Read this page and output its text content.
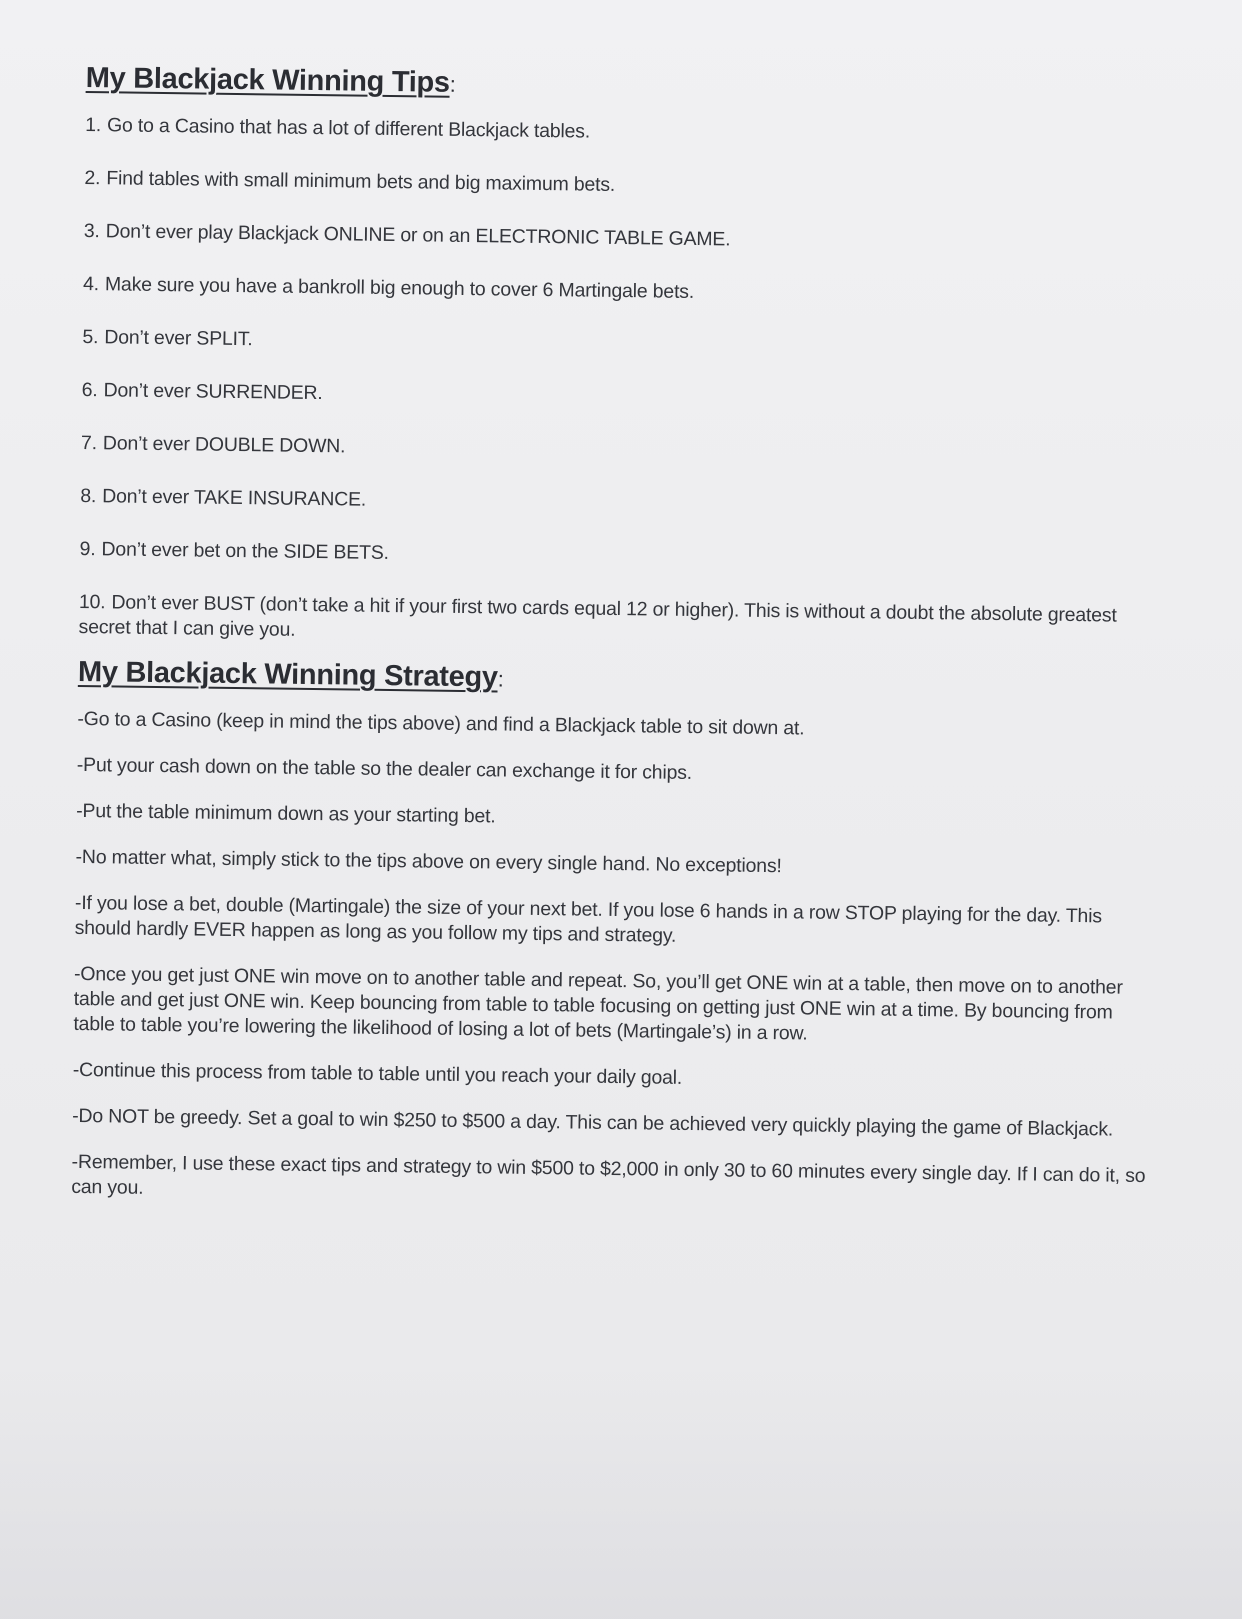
My Blackjack Winning Tips:
1. Go to a Casino that has a lot of different Blackjack tables.
2. Find tables with small minimum bets and big maximum bets.
3. Don’t ever play Blackjack ONLINE or on an ELECTRONIC TABLE GAME.
4. Make sure you have a bankroll big enough to cover 6 Martingale bets.
5. Don’t ever SPLIT.
6. Don’t ever SURRENDER.
7. Don’t ever DOUBLE DOWN.
8. Don’t ever TAKE INSURANCE.
9. Don’t ever bet on the SIDE BETS.
10. Don’t ever BUST (don’t take a hit if your first two cards equal 12 or higher). This is without a doubt the absolute greatest secret that I can give you.
My Blackjack Winning Strategy:
-Go to a Casino (keep in mind the tips above) and find a Blackjack table to sit down at.
-Put your cash down on the table so the dealer can exchange it for chips.
-Put the table minimum down as your starting bet.
-No matter what, simply stick to the tips above on every single hand. No exceptions!
-If you lose a bet, double (Martingale) the size of your next bet. If you lose 6 hands in a row STOP playing for the day. This should hardly EVER happen as long as you follow my tips and strategy.
-Once you get just ONE win move on to another table and repeat. So, you’ll get ONE win at a table, then move on to another table and get just ONE win. Keep bouncing from table to table focusing on getting just ONE win at a time. By bouncing from table to table you’re lowering the likelihood of losing a lot of bets (Martingale’s) in a row.
-Continue this process from table to table until you reach your daily goal.
-Do NOT be greedy. Set a goal to win $250 to $500 a day. This can be achieved very quickly playing the game of Blackjack.
-Remember, I use these exact tips and strategy to win $500 to $2,000 in only 30 to 60 minutes every single day. If I can do it, so can you.
